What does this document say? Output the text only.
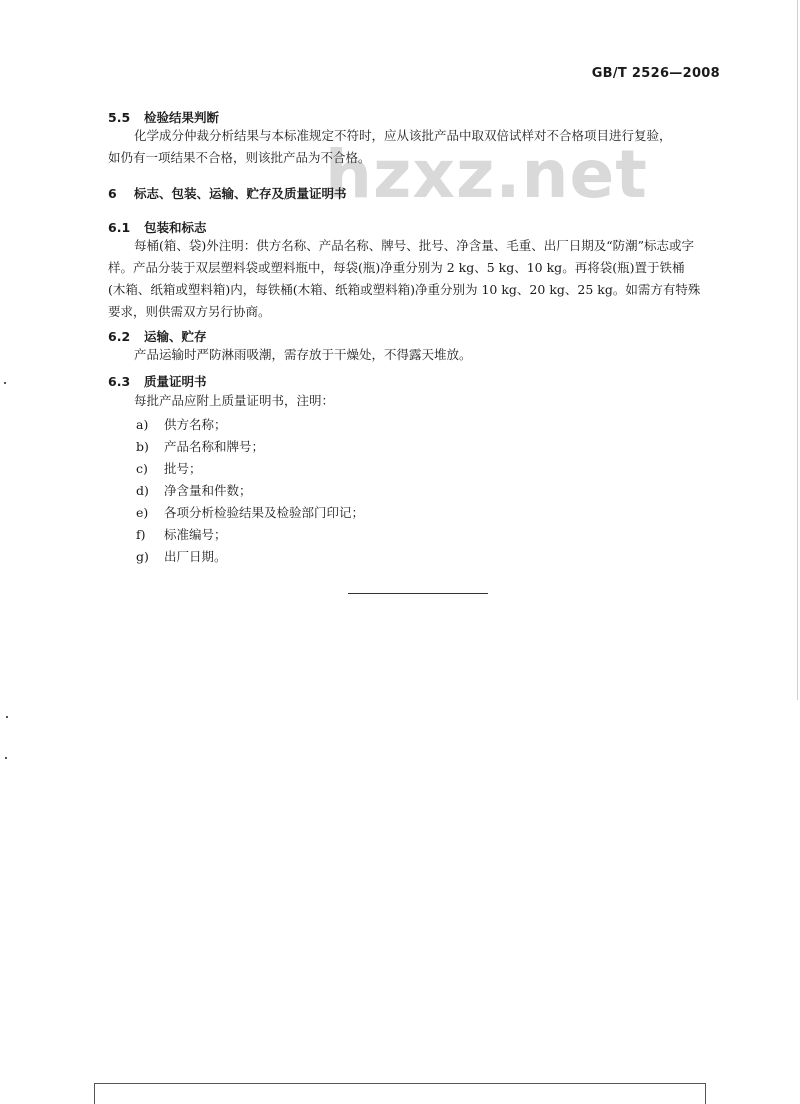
GB/T 2526—2008
hzxz.net
5.5 检验结果判断
化学成分仲裁分析结果与本标准规定不符时，应从该批产品中取双倍试样对不合格项目进行复验，
如仍有一项结果不合格，则该批产品为不合格。
6 标志、包装、运输、贮存及质量证明书
6.1 包装和标志
每桶(箱、袋)外注明：供方名称、产品名称、牌号、批号、净含量、毛重、出厂日期及“防潮”标志或字
样。产品分装于双层塑料袋或塑料瓶中，每袋(瓶)净重分别为 2 kg、5 kg、10 kg。再将袋(瓶)置于铁桶
(木箱、纸箱或塑料箱)内，每铁桶(木箱、纸箱或塑料箱)净重分别为 10 kg、20 kg、25 kg。如需方有特殊
要求，则供需双方另行协商。
6.2 运输、贮存
产品运输时严防淋雨吸潮，需存放于干燥处，不得露天堆放。
6.3 质量证明书
每批产品应附上质量证明书，注明：
a) 供方名称；
b) 产品名称和牌号；
c) 批号；
d) 净含量和件数；
e) 各项分析检验结果及检验部门印记；
f) 标准编号；
g) 出厂日期。
